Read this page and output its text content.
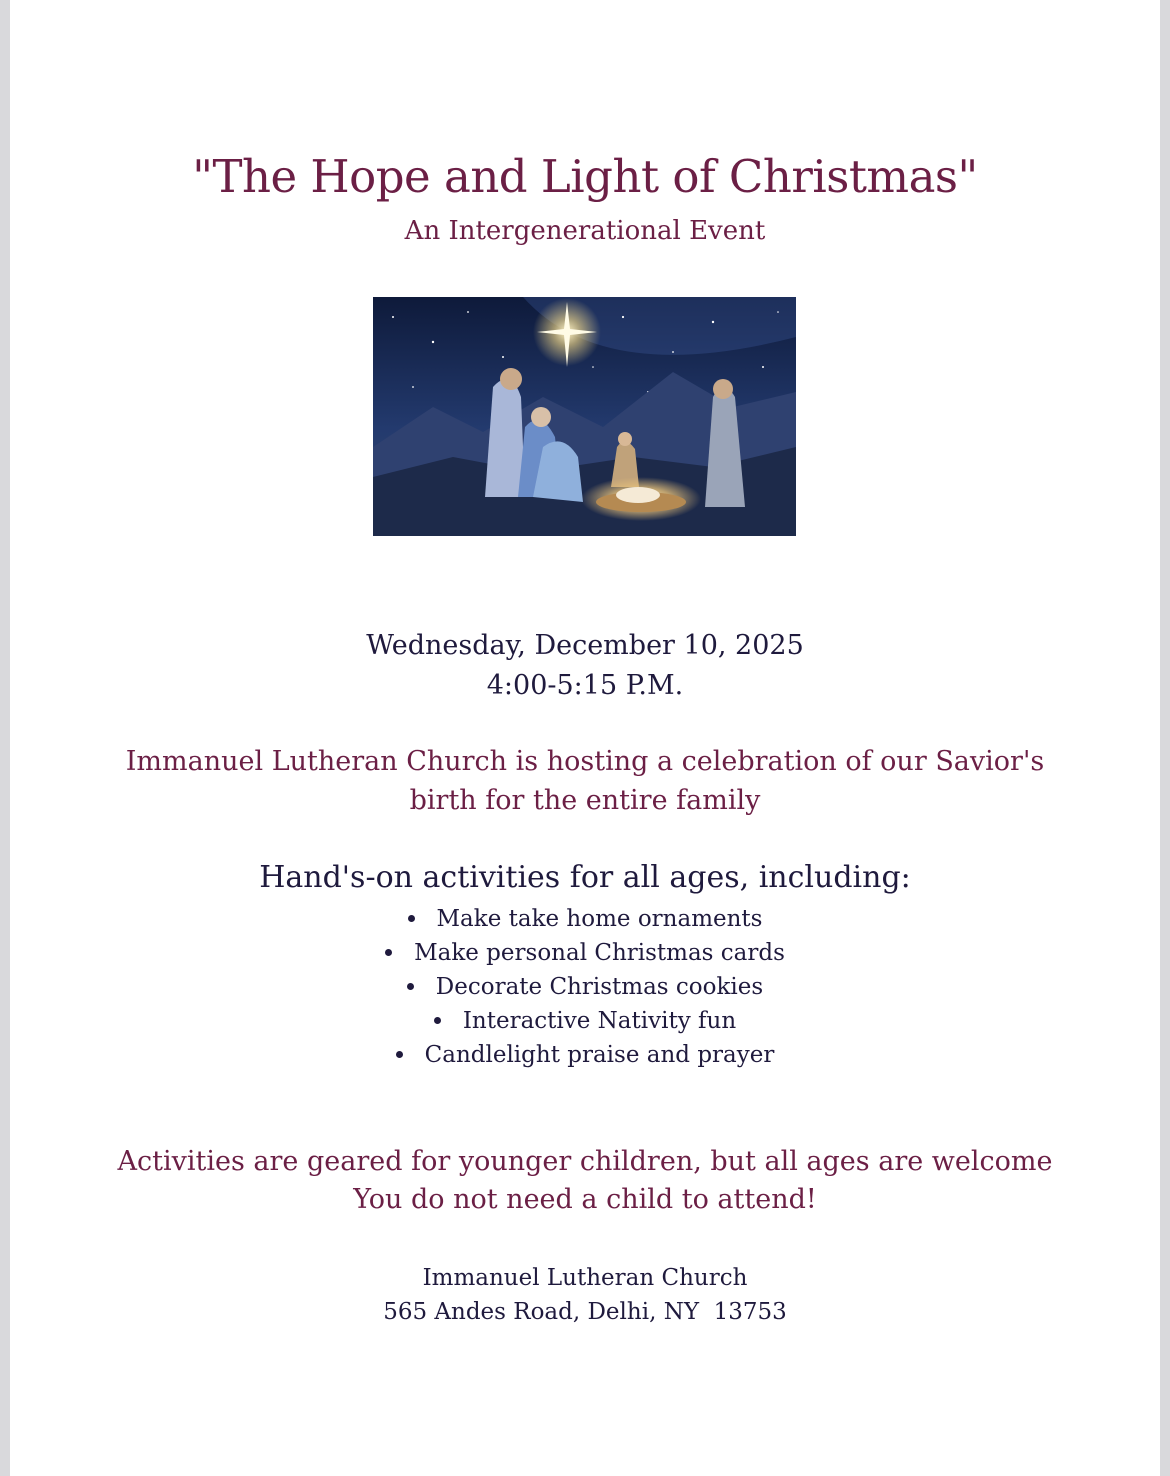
"The Hope and Light of Christmas"
An Intergenerational Event
Wednesday, December 10, 2025
4:00-5:15 P.M.
Immanuel Lutheran Church is hosting a celebration of our Savior's
birth for the entire family
Hand's-on activities for all ages, including:
Make take home ornaments
Make personal Christmas cards
Decorate Christmas cookies
Interactive Nativity fun
Candlelight praise and prayer
Activities are geared for younger children, but all ages are welcome
You do not need a child to attend!
Immanuel Lutheran Church
565 Andes Road, Delhi, NY  13753
